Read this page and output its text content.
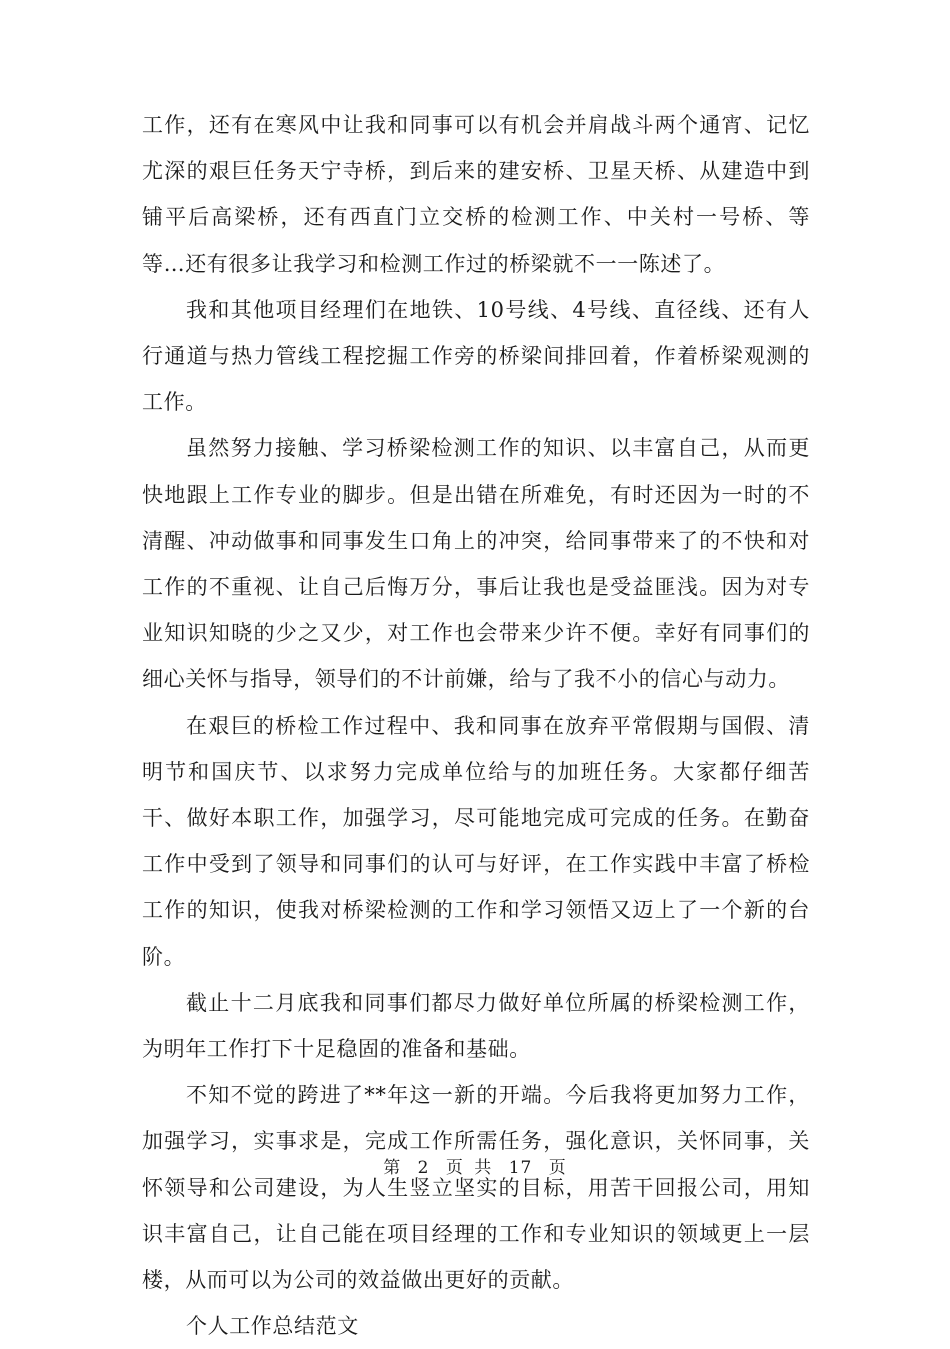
工作，还有在寒风中让我和同事可以有机会并肩战斗两个通宵、记忆尤深的艰巨任务天宁寺桥，到后来的建安桥、卫星天桥、从建造中到铺平后高梁桥，还有西直门立交桥的检测工作、中关村一号桥、等等…还有很多让我学习和检测工作过的桥梁就不一一陈述了。

我和其他项目经理们在地铁、10号线、4号线、直径线、还有人行通道与热力管线工程挖掘工作旁的桥梁间排回着，作着桥梁观测的工作。

虽然努力接触、学习桥梁检测工作的知识、以丰富自己，从而更快地跟上工作专业的脚步。但是出错在所难免，有时还因为一时的不清醒、冲动做事和同事发生口角上的冲突，给同事带来了的不快和对工作的不重视、让自己后悔万分，事后让我也是受益匪浅。因为对专业知识知晓的少之又少，对工作也会带来少许不便。幸好有同事们的细心关怀与指导，领导们的不计前嫌，给与了我不小的信心与动力。

在艰巨的桥检工作过程中、我和同事在放弃平常假期与国假、清明节和国庆节、以求努力完成单位给与的加班任务。大家都仔细苦干、做好本职工作，加强学习，尽可能地完成可完成的任务。在勤奋工作中受到了领导和同事们的认可与好评，在工作实践中丰富了桥检工作的知识，使我对桥梁检测的工作和学习领悟又迈上了一个新的台阶。

截止十二月底我和同事们都尽力做好单位所属的桥梁检测工作，为明年工作打下十足稳固的准备和基础。

不知不觉的跨进了**年这一新的开端。今后我将更加努力工作，加强学习，实事求是，完成工作所需任务，强化意识，关怀同事，关怀领导和公司建设，为人生竖立坚实的目标，用苦干回报公司，用知识丰富自己，让自己能在项目经理的工作和专业知识的领域更上一层楼，从而可以为公司的效益做出更好的贡献。

个人工作总结范文

第 2 页 共 17 页
